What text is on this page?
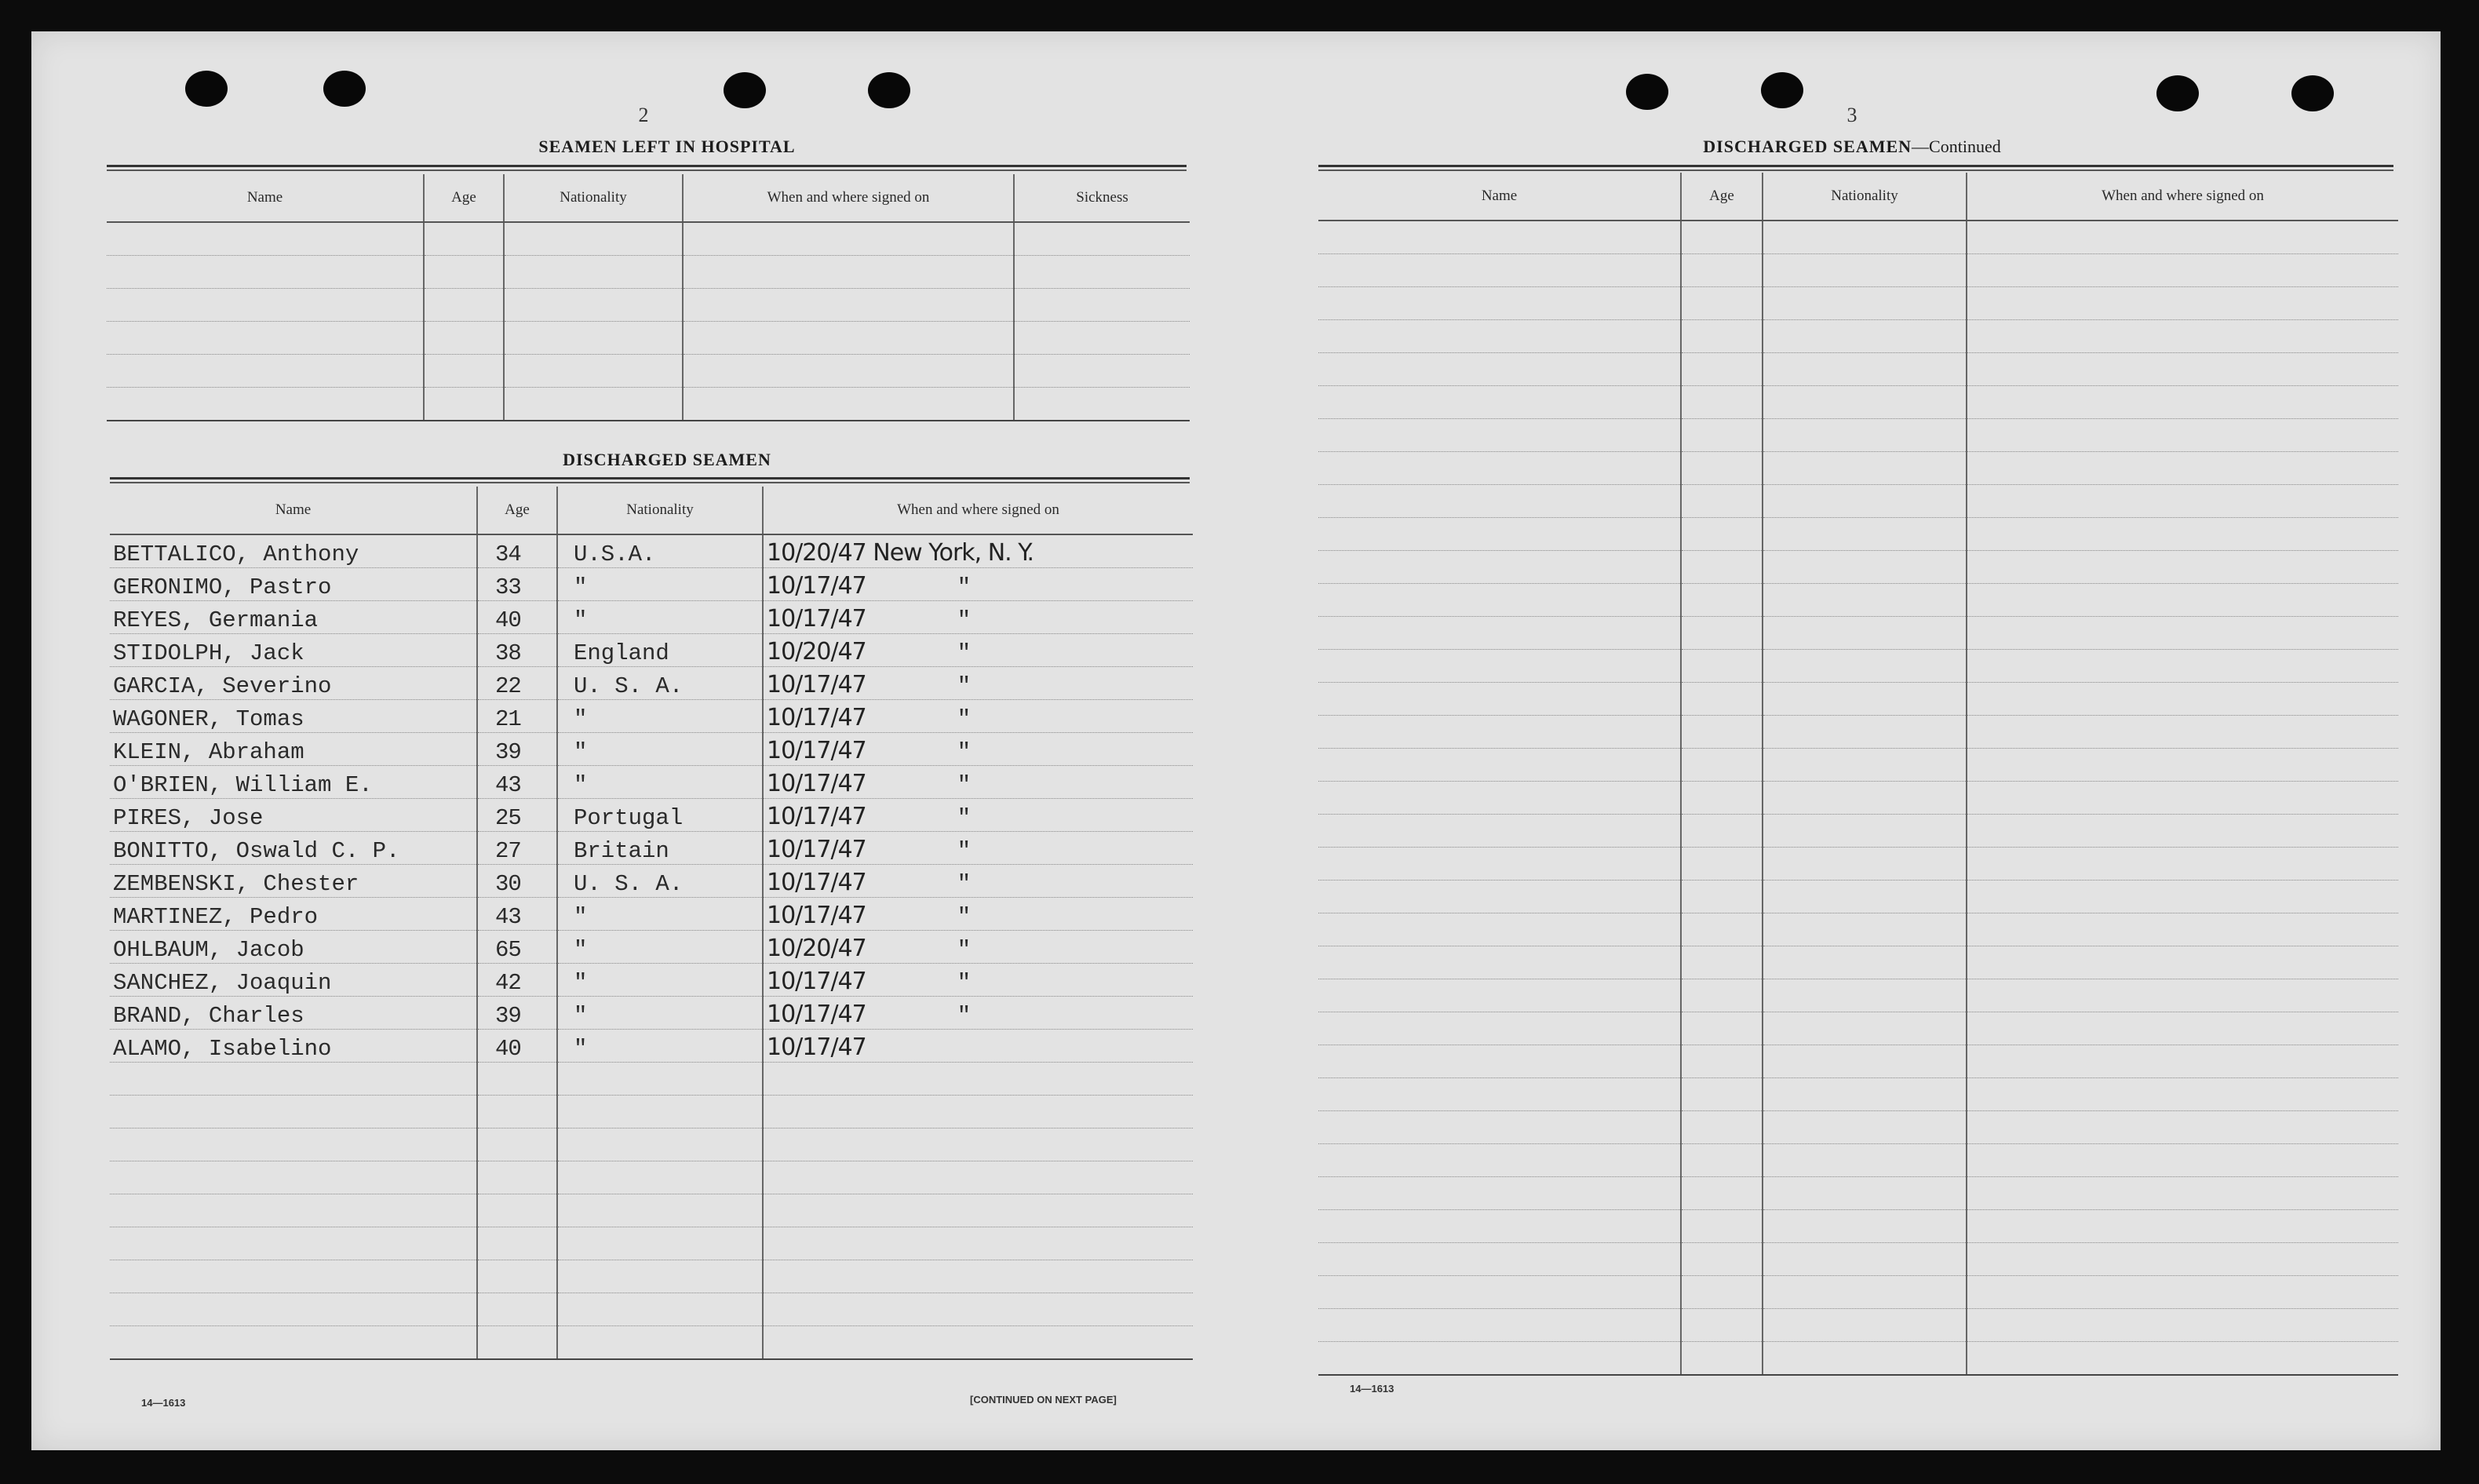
2
SEAMEN LEFT IN HOSPITAL
Name	Age	Nationality	When and where signed on	Sickness

DISCHARGED SEAMEN
Name	Age	Nationality	When and where signed on
BETTALICO, Anthony	34	U.S.A.	10/20/47 New York, N. Y.
GERONIMO, Pastro	33	"	10/17/47 "
REYES, Germania	40	"	10/17/47 "
STIDOLPH, Jack	38	England	10/20/47 "
GARCIA, Severino	22	U. S. A.	10/17/47 "
WAGONER, Tomas	21	"	10/17/47 "
KLEIN, Abraham	39	"	10/17/47 "
O'BRIEN, William E.	43	"	10/17/47 "
PIRES, Jose	25	Portugal	10/17/47 "
BONITTO, Oswald C. P.	27	Britain	10/17/47 "
ZEMBENSKI, Chester	30	U. S. A.	10/17/47 "
MARTINEZ, Pedro	43	"	10/17/47 "
OHLBAUM, Jacob	65	"	10/20/47 "
SANCHEZ, Joaquin	42	"	10/17/47 "
BRAND, Charles	39	"	10/17/47 "
ALAMO, Isabelino	40	"	10/17/47

14—1613	[CONTINUED ON NEXT PAGE]
3
DISCHARGED SEAMEN—Continued
Name	Age	Nationality	When and where signed on

14—1613
